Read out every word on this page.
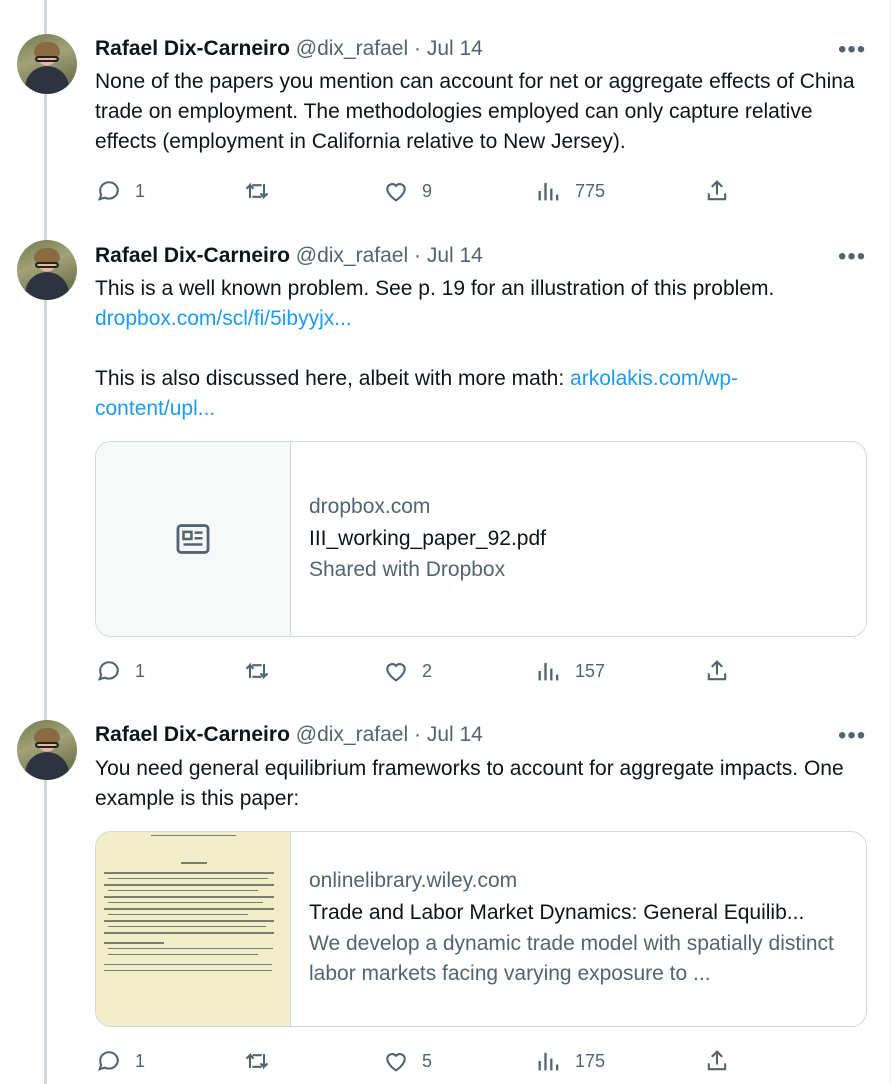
Rafael Dix-Carneiro @dix_rafael · Jul 14	•••
None of the papers you mention can account for net or aggregate effects of China trade on employment. The methodologies employed can only capture relative effects (employment in California relative to New Jersey).
1	9	775
Rafael Dix-Carneiro @dix_rafael · Jul 14	•••
This is a well known problem. See p. 19 for an illustration of this problem.
dropbox.com/scl/fi/5ibyyjx...
This is also discussed here, albeit with more math: arkolakis.com/wp-
content/upl...
dropbox.com
III_working_paper_92.pdf
Shared with Dropbox
1	2	157
Rafael Dix-Carneiro @dix_rafael · Jul 14	•••
You need general equilibrium frameworks to account for aggregate impacts. One example is this paper:
onlinelibrary.wiley.com
Trade and Labor Market Dynamics: General Equilib...
We develop a dynamic trade model with spatially distinct labor markets facing varying exposure to ...
1	5	175
